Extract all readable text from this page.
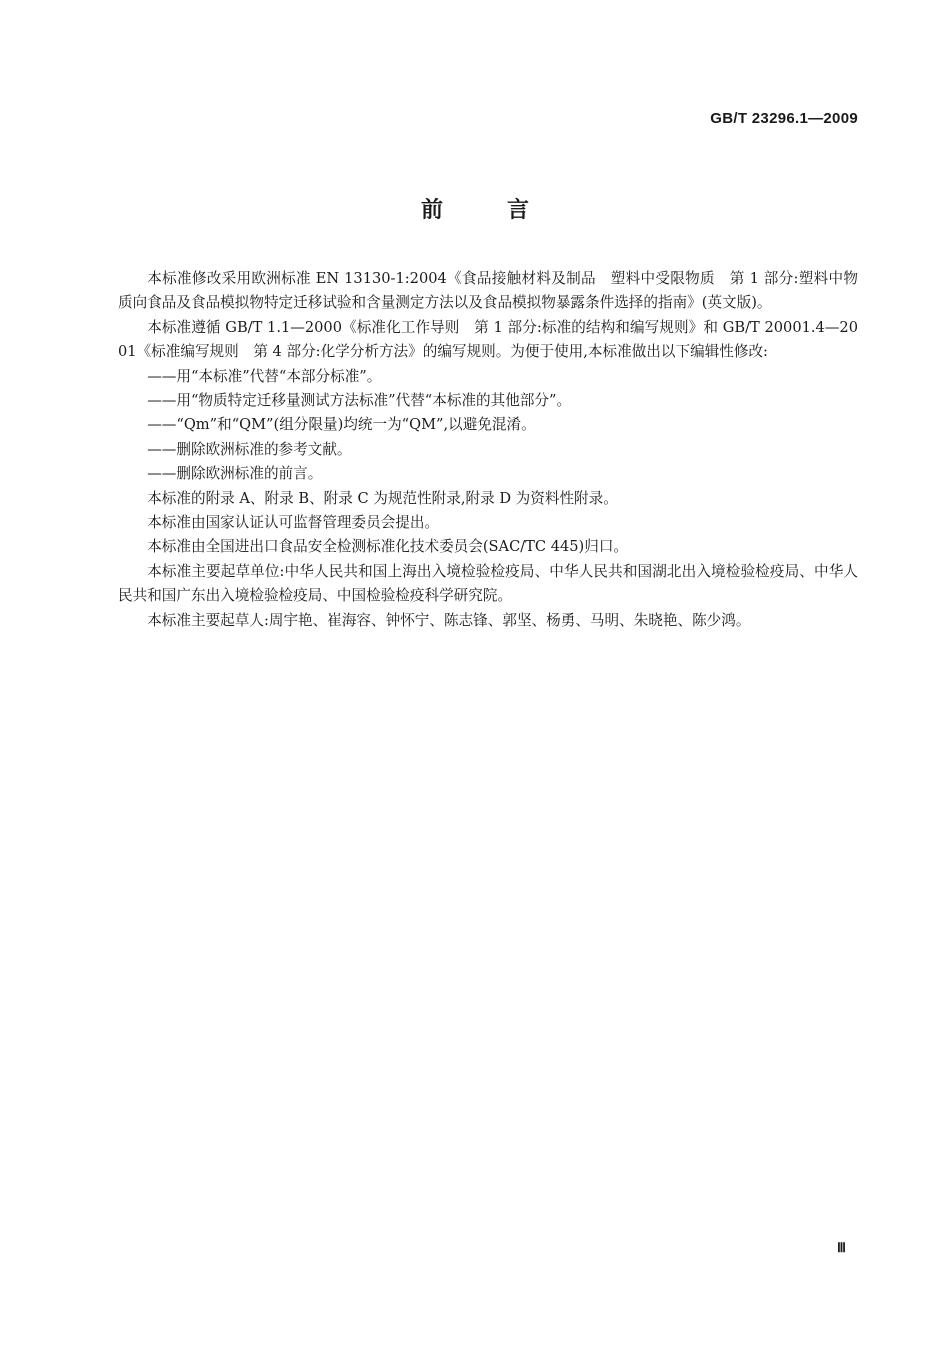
GB/T 23296.1—2009
前言

本标准修改采用欧洲标准 EN 13130-1:2004《食品接触材料及制品　塑料中受限物质　第 1 部分:塑料中物质向食品及食品模拟物特定迁移试验和含量测定方法以及食品模拟物暴露条件选择的指南》(英文版)。

本标准遵循 GB/T 1.1—2000《标准化工作导则　第 1 部分:标准的结构和编写规则》和 GB/T 20001.4—2001《标准编写规则　第 4 部分:化学分析方法》的编写规则。为便于使用,本标准做出以下编辑性修改:

——用“本标准”代替“本部分标准”。

——用“物质特定迁移量测试方法标准”代替“本标准的其他部分”。

——“Qm”和“QM”(组分限量)均统一为“QM”,以避免混淆。

——删除欧洲标准的参考文献。

——删除欧洲标准的前言。

本标准的附录 A、附录 B、附录 C 为规范性附录,附录 D 为资料性附录。

本标准由国家认证认可监督管理委员会提出。

本标准由全国进出口食品安全检测标准化技术委员会(SAC/TC 445)归口。

本标准主要起草单位:中华人民共和国上海出入境检验检疫局、中华人民共和国湖北出入境检验检疫局、中华人民共和国广东出入境检验检疫局、中国检验检疫科学研究院。

本标准主要起草人:周宇艳、崔海容、钟怀宁、陈志锋、郭坚、杨勇、马明、朱晓艳、陈少鸿。

Ⅲ
